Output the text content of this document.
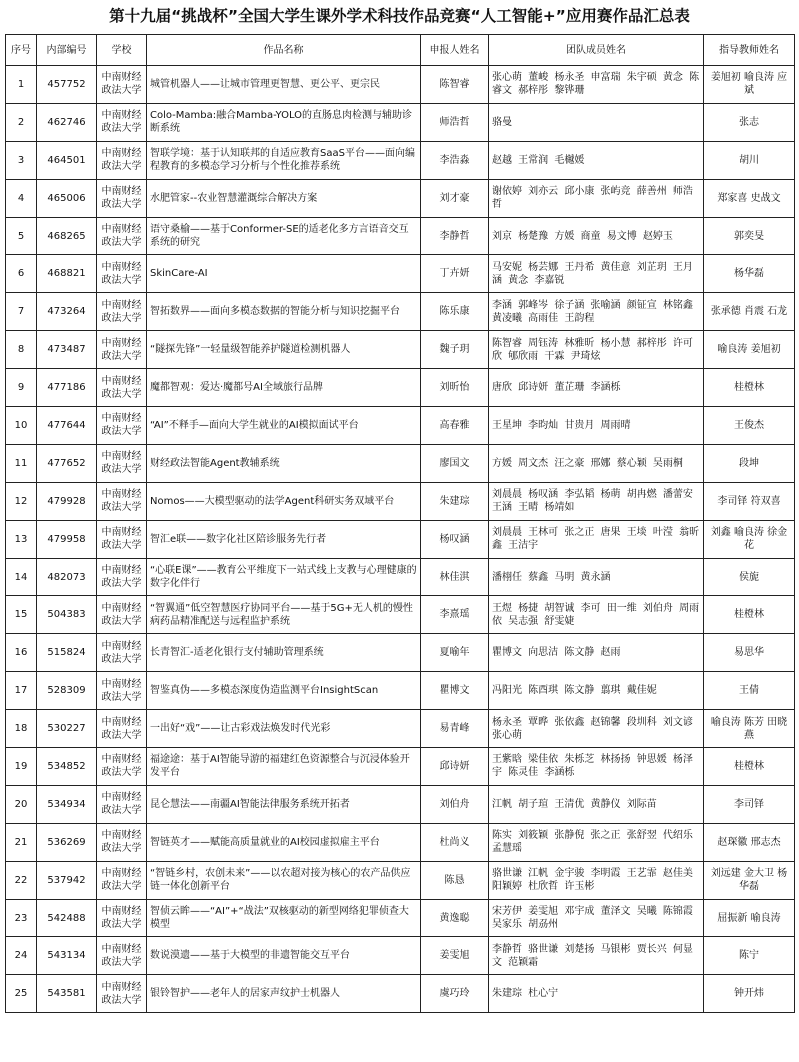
第十九届“挑战杯”全国大学生课外学术科技作品竞赛“人工智能+”应用赛作品汇总表
序号	内部编号	学校	作品名称	申报人姓名	团队成员姓名	指导教师姓名
1	457752	中南财经政法大学	城管机器人——让城市管理更智慧、更公平、更宗民	陈智睿	张心萌 董峻 杨永圣 申富瑞 朱宇硕 黄念 陈睿文 郝梓彤 黎铧珊	姜旭初 喻良涛 应斌
2	462746	中南财经政法大学	Colo-Mamba:融合Mamba-YOLO的直肠息肉检测与辅助诊断系统	师浩哲	骆曼	张志
3	464501	中南财经政法大学	智联学境：基于认知联邦的自适应教育SaaS平台——面向编程教育的多模态学习分析与个性化推荐系统	李浩淼	赵越 王常润 毛樾媛	胡川
4	465006	中南财经政法大学	水肥管家--农业智慧灌溉综合解决方案	刘才豪	谢依婷 刘亦云 邱小康 张屿竞 薛善州 师浩哲	郑家喜 史战文
5	468265	中南财经政法大学	语守桑榆——基于Conformer-SE的适老化多方言语音交互系统的研究	李静哲	刘京 杨楚豫 方媛 商童 易文博 赵婷玉	郭奕旻
6	468821	中南财经政法大学	SkinCare-AI	丁卉妍	马安妮 杨芸娜 王丹希 黄佳意 刘芷玥 王月涵 黄念 李嘉锐	杨华磊
7	473264	中南财经政法大学	智拓数界——面向多模态数据的智能分析与知识挖掘平台	陈乐康	李涵 郭峰岑 徐子涵 张喻涵 颜钲宣 林铭鑫 黄凌曦 高雨佳 王韵程	张承德 肖震 石龙
8	473487	中南财经政法大学	“隧探先锋”一轻量级智能养护隧道检测机器人	魏子玥	陈智睿 周钰涛 林雅昕 杨小慧 郝梓彤 许可欣 郇欣雨 干霖 尹琦炫	喻良涛 姜旭初
9	477186	中南财经政法大学	魔都智观：爱达·魔都号AI全域旅行品牌	刘昕怡	唐欣 邱诗妍 董芷珊 李涵栎	桂橙林
10	477644	中南财经政法大学	“AI”不释手—面向大学生就业的AI模拟面试平台	高春雅	王星坤 李昀灿 甘贵月 周雨晴	王俊杰
11	477652	中南财经政法大学	财经政法智能Agent教辅系统	廖国文	方媛 周文杰 汪之豪 邢娜 蔡心颖 吴雨桐	段坤
12	479928	中南财经政法大学	Nomos——大模型驱动的法学Agent科研实务双域平台	朱建琮	刘晨晨 杨叹涵 李弘韬 杨萌 胡冉燃 潘蕾安 王涵 王晴 杨靖如	李司铎 符双喜
13	479958	中南财经政法大学	智汇e联——数字化社区陪诊服务先行者	杨叹涵	刘晨晨 王林可 张之正 唐果 王埮 叶滢 翁昕鑫 王洁宇	刘鑫 喻良涛 徐金花
14	482073	中南财经政法大学	“心联E课”——教育公平维度下一站式线上支教与心理健康的数字化伴行	林佳淇	潘栩任 蔡鑫 马明 黄永涵	侯旎
15	504383	中南财经政法大学	“智翼通”低空智慧医疗协同平台——基于5G+无人机的慢性病药品精准配送与远程监护系统	李熹瑶	王煜 杨捷 胡智诚 李可 田一维 刘伯舟 周雨依 吴志强 舒雯婕	桂橙林
16	515824	中南财经政法大学	长青智汇-适老化银行支付辅助管理系统	夏喻年	瞿博文 向思洁 陈文静 赵雨	易思华
17	528309	中南财经政法大学	智鉴真伪——多模态深度伪造监测平台InsightScan	瞿博文	冯阳光 陈酉琪 陈文静 翦琪 戴佳妮	王倩
18	530227	中南财经政法大学	一出好“戏”——让古彩戏法焕发时代光彩	易青峰	杨永圣 覃晔 张依鑫 赵锦馨 段圳科 刘文谚 张心萌	喻良涛 陈芳 田晓燕
19	534852	中南财经政法大学	福途途：基于AI智能导游的福建红色资源整合与沉浸体验开发平台	邱诗妍	王紫晗 梁佳依 朱栎芝 林扬扬 钟思媛 杨泽宇 陈灵佳 李涵栎	桂橙林
20	534934	中南财经政法大学	昆仑慧法——南疆AI智能法律服务系统开拓者	刘伯舟	江帆 胡子瑄 王清优 黄静仪 刘际苗	李司铎
21	536269	中南财经政法大学	智链英才——赋能高质量就业的AI校园虚拟雇主平台	杜尚义	陈实 刘筱颖 张静倪 张之正 张舒翌 代绍乐 孟慧瑶	赵琛徽 邢志杰
22	537942	中南财经政法大学	“智链乡村，农创未来”——以农超对接为核心的农产品供应链一体化创新平台	陈恳	骆世谦 江帆 金宇骏 李明霞 王艺霏 赵佳美 阳颖婷 杜欣哲 许玉彬	刘远建 金大卫 杨华磊
23	542488	中南财经政法大学	智侦云眸——“AI”+“战法”双核驱动的新型网络犯罪侦查大模型	黄逸聪	宋芳伊 姜雯旭 邓宇成 董泽文 吴曦 陈锦霞 吴家乐 胡刕州	屈振新 喻良涛
24	543134	中南财经政法大学	数说漠遗——基于大模型的非遗智能交互平台	姜雯旭	李静哲 骆世谦 刘楚扬 马银彬 贾长兴 何显文 范颖霜	陈宁
25	543581	中南财经政法大学	银铃智护——老年人的居家声纹护士机器人	虞巧玲	朱建琮 杜心宁	钟开炜
